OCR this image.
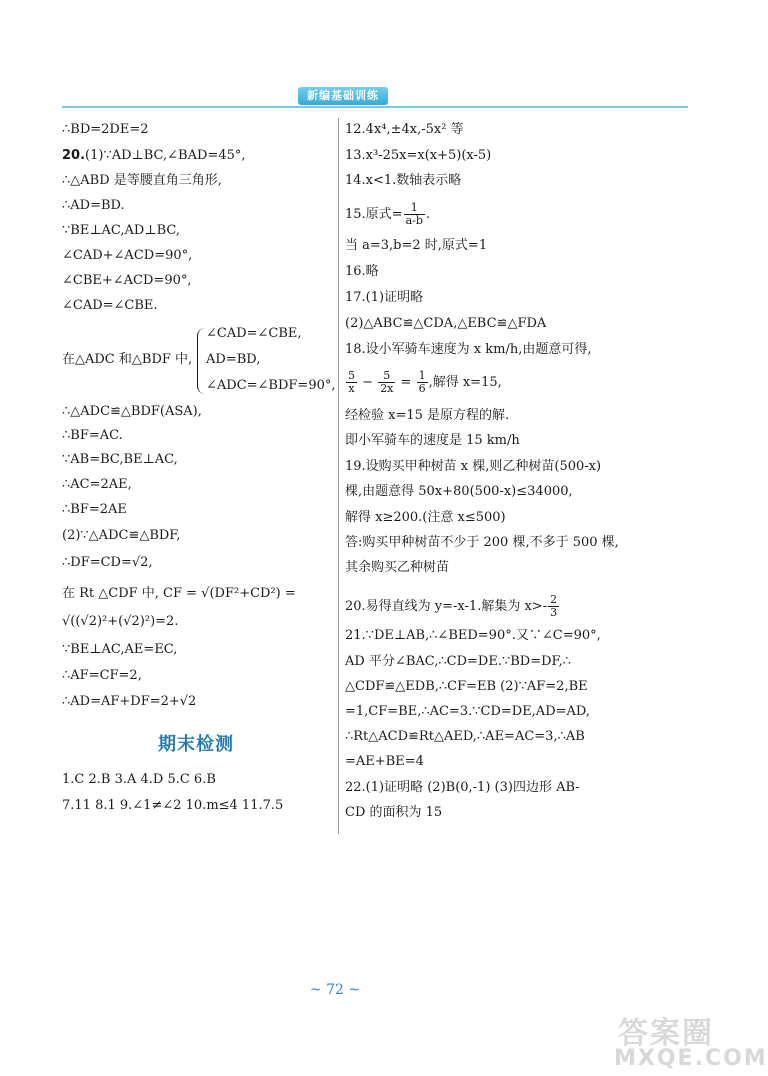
新编基础训练
∴BD=2DE=2
20.(1)∵AD⊥BC,∠BAD=45°,
∴△ABD 是等腰直角三角形,
∴AD=BD.
∵BE⊥AC,AD⊥BC,
∠CAD+∠ACD=90°,
∠CBE+∠ACD=90°,
∠CAD=∠CBE.
在△ADC 和△BDF 中,
∠CAD=∠CBE,
AD=BD,
∠ADC=∠BDF=90°,
∴△ADC≌△BDF(ASA),
∴BF=AC.
∵AB=BC,BE⊥AC,
∴AC=2AE,
∴BF=2AE
(2)∵△ADC≌△BDF,
∴DF=CD=√2,
在 Rt △CDF 中, CF = √(DF²+CD²) =
√((√2)²+(√2)²)=2.
∵BE⊥AC,AE=EC,
∴AF=CF=2,
∴AD=AF+DF=2+√2
期末检测
1.C 2.B 3.A 4.D 5.C 6.B
7.11 8.1 9.∠1≠∠2 10.m≤4 11.7.5
12.4x⁴,±4x,-5x² 等
13.x³-25x=x(x+5)(x-5)
14.x<1.数轴表示略
15.原式= $\frac{1}{a-b}$ .
当 a=3,b=2 时,原式=1
16.略
17.(1)证明略
(2)△ABC≌△CDA,△EBC≌△FDA
18.设小军骑车速度为 x km/h,由题意可得,
$\frac{5}{x} - \frac{5}{2x} = \frac{1}{6}$ ,解得 x=15,
经检验 x=15 是原方程的解.
即小军骑车的速度是 15 km/h
19.设购买甲种树苗 x 棵,则乙种树苗(500-x)
棵,由题意得 50x+80(500-x)≤34000,
解得 x≥200.(注意 x≤500)
答:购买甲种树苗不少于 200 棵,不多于 500 棵,
其余购买乙种树苗
20.易得直线为 y=-x-1.解集为 $x>- \frac{2}{3}$
21.∵DE⊥AB,∴∠BED=90°.又∵∠C=90°,
AD 平分∠BAC,∴CD=DE.∵BD=DF,∴
△CDF≌△EDB,∴CF=EB (2)∵AF=2,BE
=1,CF=BE,∴AC=3.∵CD=DE,AD=AD,
∴Rt△ACD≌Rt△AED,∴AE=AC=3,∴AB
=AE+BE=4
22.(1)证明略 (2)B(0,-1) (3)四边形 AB-
CD 的面积为 15
~ 72 ~
答案圈
MXQE.COM
